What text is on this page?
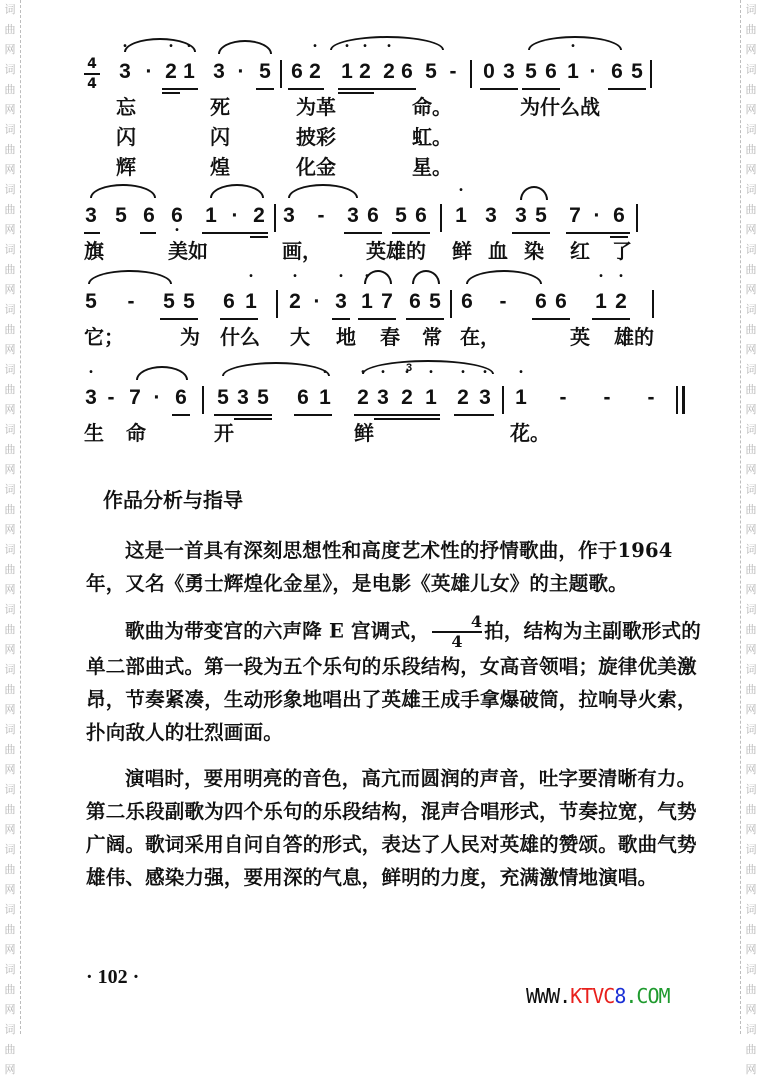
词
曲
网
词
曲
网
词
曲
网
词
曲
网
词
曲
网
词
曲
网
词
曲
网
词
曲
网
词
曲
网
词
曲
网
词
曲
网
词
曲
网
词
曲
网
词
曲
网
词
曲
网
词
曲
网
词
曲
网
词
曲
网
词
曲
网
词
曲
网
词
曲
网
词
曲
网
词
曲
网
词
曲
网
词
曲
网
词
曲
网
词
曲
网
词
曲
网
词
曲
网
词
曲
网
词
曲
网
词
曲
网
词
曲
网
词
曲
网
词
曲
网
词
曲
网
4
4
• 3 · • 2 • 1 3 · 5 6 • 2 • 1 • 2 • 2 6 5 - 0 3 5 6 • 1 · 6 5
忘	死	为革	命。	为什么战
闪	闪	披彩	虹。
辉	煌	化金	星。
3 5 6 6 • 1 · 2 3 - 3 6 5 6 • 1 3 3 5 7 · 6
旗	美如	画， 英雄的 鲜 血 染 红 了
5 - 5 5 6 • 1 • 2 · • 3 • 1 7 6 5 6 - 6 6 • 1 • 2
它；	为 什么 大 地 春 常 在，	英 雄的
• 3 - 7 · 6 5 3 5 6 • 1 • 2 • 3 • 2 • 1 • 2 • 3 • 1 - - -
3
生 命	开	鲜	花。
作品分析与指导

这是一首具有深刻思想性和高度艺术性的抒情歌曲，作于1964年，又名《勇士辉煌化金星》，是电影《英雄儿女》的主题歌。

歌曲为带变宫的六声降 E 宫调式，	4
4 拍，结构为主副歌形式的单二部曲式。第一段为五个乐句的乐段结构，女高音领唱；旋律优美激昂，节奏紧凑，生动形象地唱出了英雄王成手拿爆破筒，拉响导火索，扑向敌人的壮烈画面。

演唱时，要用明亮的音色，高亢而圆润的声音，吐字要清晰有力。第二乐段副歌为四个乐句的乐段结构，混声合唱形式，节奏拉宽，气势广阔。歌词采用自问自答的形式，表达了人民对英雄的赞颂。歌曲气势雄伟、感染力强，要用深的气息，鲜明的力度，充满激情地演唱。

· 102 ·
WWW.KTVC8.COM
